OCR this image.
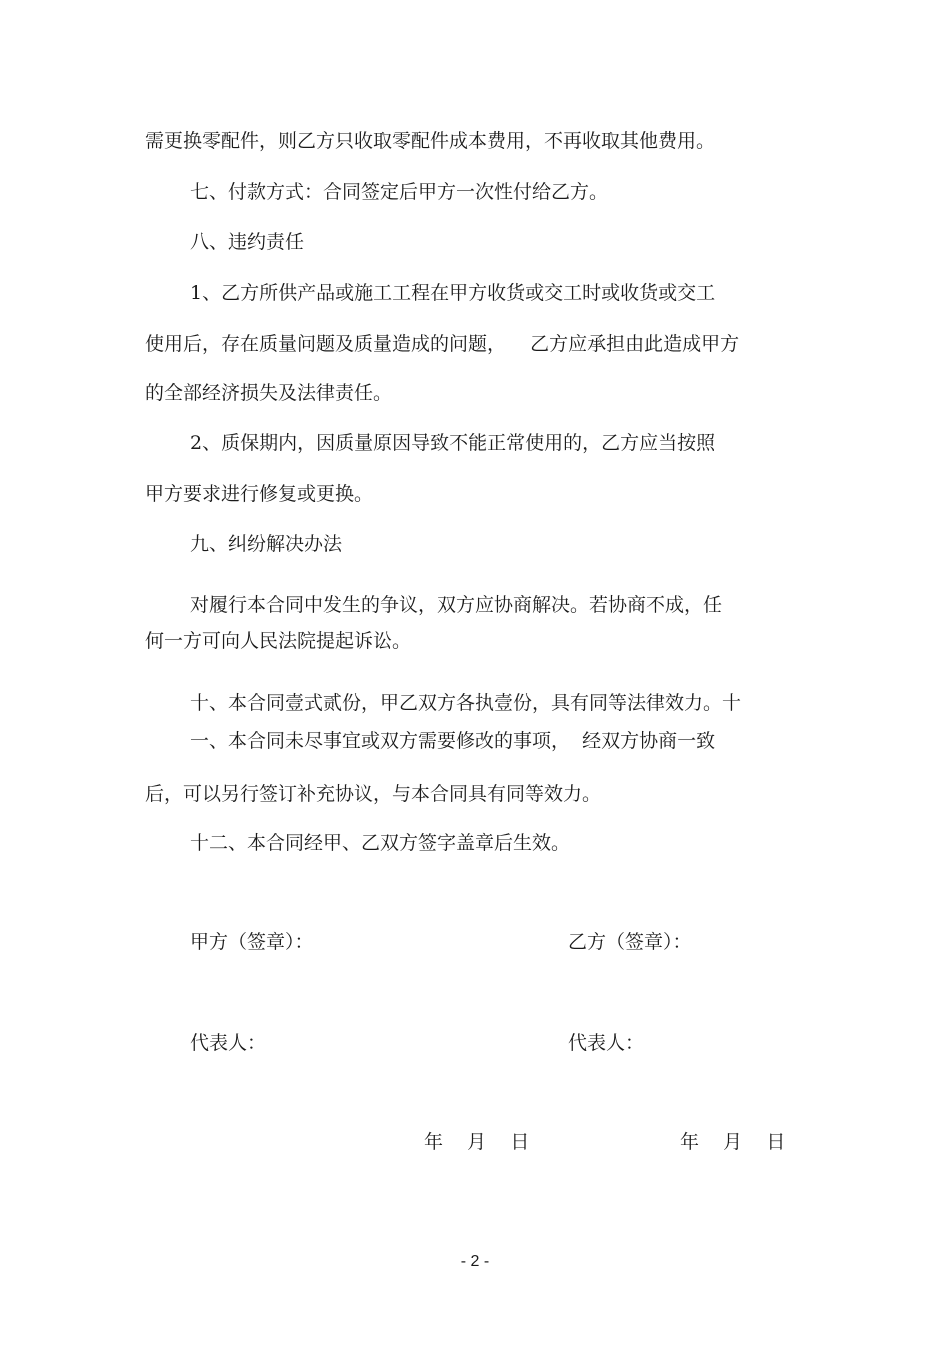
需更换零配件，则乙方只收取零配件成本费用，不再收取其他费用。
七、付款方式：合同签定后甲方一次性付给乙方。
八、违约责任
1、乙方所供产品或施工工程在甲方收货或交工时或收货或交工
使用后，存在质量问题及质量造成的问题，    乙方应承担由此造成甲方
的全部经济损失及法律责任。
2、质保期内，因质量原因导致不能正常使用的，乙方应当按照
甲方要求进行修复或更换。
九、纠纷解决办法
对履行本合同中发生的争议，双方应协商解决。若协商不成，任
何一方可向人民法院提起诉讼。
十、本合同壹式贰份，甲乙双方各执壹份，具有同等法律效力。十
一、本合同未尽事宜或双方需要修改的事项，  经双方协商一致
后，可以另行签订补充协议，与本合同具有同等效力。
十二、本合同经甲、乙双方签字盖章后生效。
甲方（签章）：	乙方（签章）：
代表人：	代表人：
年    月    日	年    月    日
- 2 -
